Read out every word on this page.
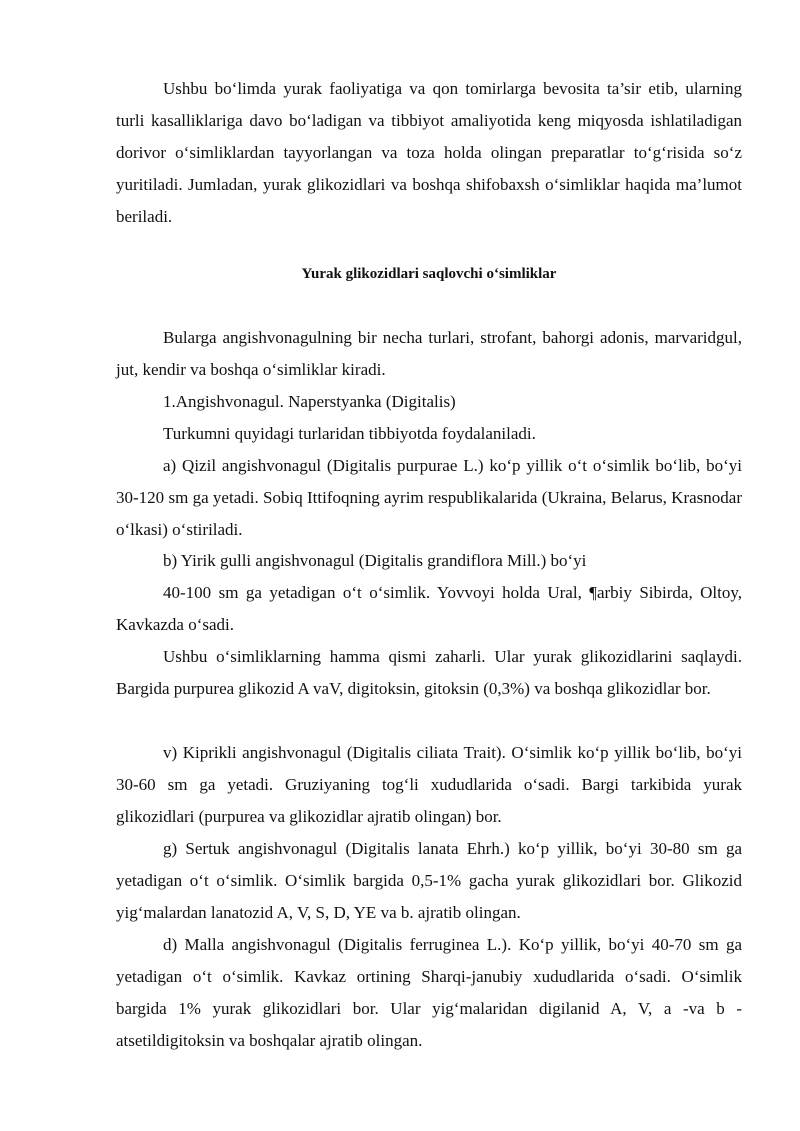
Ushbu bo‘limda yurak faoliyatiga va qon tomirlarga bevosita ta’sir etib, ularning turli kasalliklariga davo bo‘ladigan va tibbiyot amaliyotida keng miqyosda ishlatiladigan dorivor o‘simliklardan tayyorlangan va toza holda olingan preparatlar to‘g‘risida so‘z yuritiladi. Jumladan, yurak glikozidlari va boshqa shifobaxsh o‘simliklar haqida ma’lumot beriladi.

Yurak glikozidlari saqlovchi o‘simliklar

Bularga angishvonagulning bir necha turlari, strofant, bahorgi adonis, marvaridgul, jut, kendir va boshqa o‘simliklar kiradi.

1.Angishvonagul. Naperstyanka (Digitalis)

Turkumni quyidagi turlaridan tibbiyotda foydalaniladi.

a) Qizil angishvonagul (Digitalis purpurae L.) ko‘p yillik o‘t o‘simlik bo‘lib, bo‘yi 30-120 sm ga yetadi. Sobiq Ittifoqning ayrim respublikalarida (Ukraina, Belarus, Krasnodar o‘lkasi) o‘stiriladi.

b) Yirik gulli angishvonagul (Digitalis grandiflora Mill.) bo‘yi

40-100 sm ga yetadigan o‘t o‘simlik. Yovvoyi holda Ural, ¶arbiy Sibirda, Oltoy, Kavkazda o‘sadi.

Ushbu o‘simliklarning hamma qismi zaharli. Ular yurak glikozidlarini saqlaydi. Bargida purpurea glikozid A vaV, digitoksin, gitoksin (0,3%) va boshqa glikozidlar bor.

v) Kiprikli angishvonagul (Digitalis ciliata Trait). O‘simlik ko‘p yillik bo‘lib, bo‘yi 30-60 sm ga yetadi. Gruziyaning tog‘li xududlarida o‘sadi. Bargi tarkibida yurak glikozidlari (purpurea va glikozidlar ajratib olingan) bor.

g) Sertuk angishvonagul (Digitalis lanata Ehrh.) ko‘p yillik, bo‘yi 30-80 sm ga yetadigan o‘t o‘simlik. O‘simlik bargida 0,5-1% gacha yurak glikozidlari bor. Glikozid yig‘malardan lanatozid A, V, S, D, YE va b. ajratib olingan.

d) Malla angishvonagul (Digitalis ferruginea L.). Ko‘p yillik, bo‘yi 40-70 sm ga yetadigan o‘t o‘simlik. Kavkaz ortining Sharqi-janubiy xududlarida o‘sadi. O‘simlik bargida 1% yurak glikozidlari bor. Ular yig‘malaridan digilanid A, V, a -va b -atsetildigitoksin va boshqalar ajratib olingan.
